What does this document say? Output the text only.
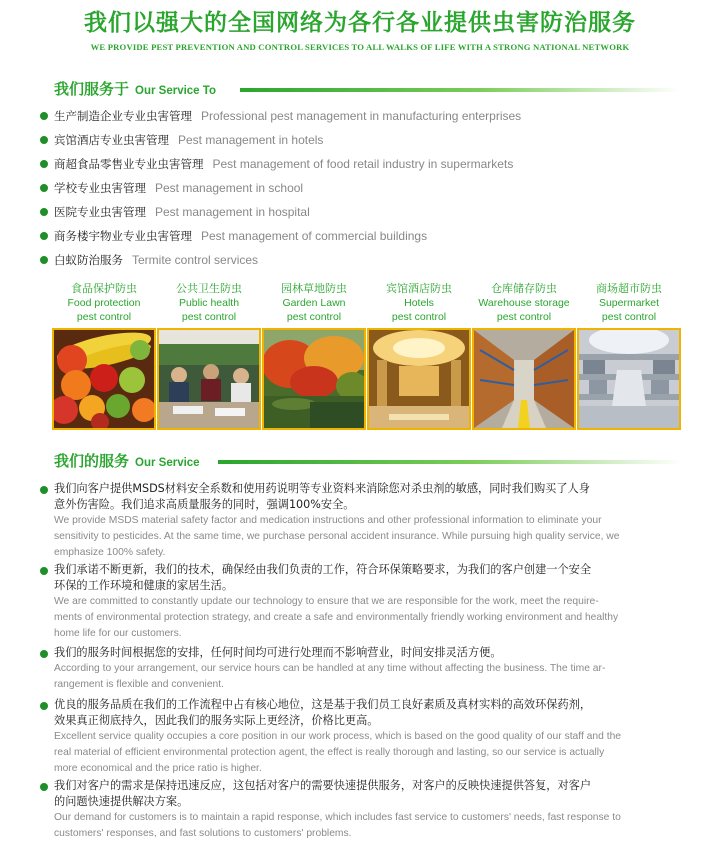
我们以强大的全国网络为各行各业提供虫害防治服务
WE PROVIDE PEST PREVENTION AND CONTROL SERVICES TO ALL WALKS OF LIFE WITH A STRONG NATIONAL NETWORK
我们服务于 Our Service To
生产制造企业专业虫害管理 Professional pest management in manufacturing enterprises
宾馆酒店专业虫害管理 Pest management in hotels
商超食品零售业专业虫害管理 Pest management of food retail industry in supermarkets
学校专业虫害管理 Pest management in school
医院专业虫害管理 Pest management in hospital
商务楼宇物业专业虫害管理 Pest management of commercial buildings
白蚁防治服务 Termite control services
食品保护防虫
Food protection
pest control
公共卫生防虫
Public health
pest control
园林草地防虫
Garden Lawn
pest control
宾馆酒店防虫
Hotels
pest control
仓库储存防虫
Warehouse storage
pest control
商场超市防虫
Supermarket
pest control
我们的服务 Our Service
我们向客户提供MSDS材料安全系数和使用药说明等专业资料来消除您对杀虫剂的敏感，同时我们购买了人身
意外伤害险。我们追求高质量服务的同时，强调100%安全。
We provide MSDS material safety factor and medication instructions and other professional information to eliminate your
sensitivity to pesticides. At the same time, we purchase personal accident insurance. While pursuing high quality service, we
emphasize 100% safety.
我们承诺不断更新，我们的技术，确保经由我们负责的工作，符合环保策略要求，为我们的客户创建一个安全
环保的工作环境和健康的家居生活。
We are committed to constantly update our technology to ensure that we are responsible for the work, meet the require-
ments of environmental protection strategy, and create a safe and environmentally friendly working environment and healthy
home life for our customers.
我们的服务时间根据您的安排，任何时间均可进行处理而不影响营业，时间安排灵活方便。
According to your arrangement, our service hours can be handled at any time without affecting the business. The time ar-
rangement is flexible and convenient.
优良的服务品质在我们的工作流程中占有核心地位，这是基于我们员工良好素质及真材实料的高效环保药剂，
效果真正彻底持久，因此我们的服务实际上更经济，价格比更高。
Excellent service quality occupies a core position in our work process, which is based on the good quality of our staff and the
real material of efficient environmental protection agent, the effect is really thorough and lasting, so our service is actually
more economical and the price ratio is higher.
我们对客户的需求是保持迅速反应，这包括对客户的需要快速提供服务，对客户的反映快速提供答复，对客户
的问题快速提供解决方案。
Our demand for customers is to maintain a rapid response, which includes fast service to customers' needs, fast response to
customers' responses, and fast solutions to customers' problems.
